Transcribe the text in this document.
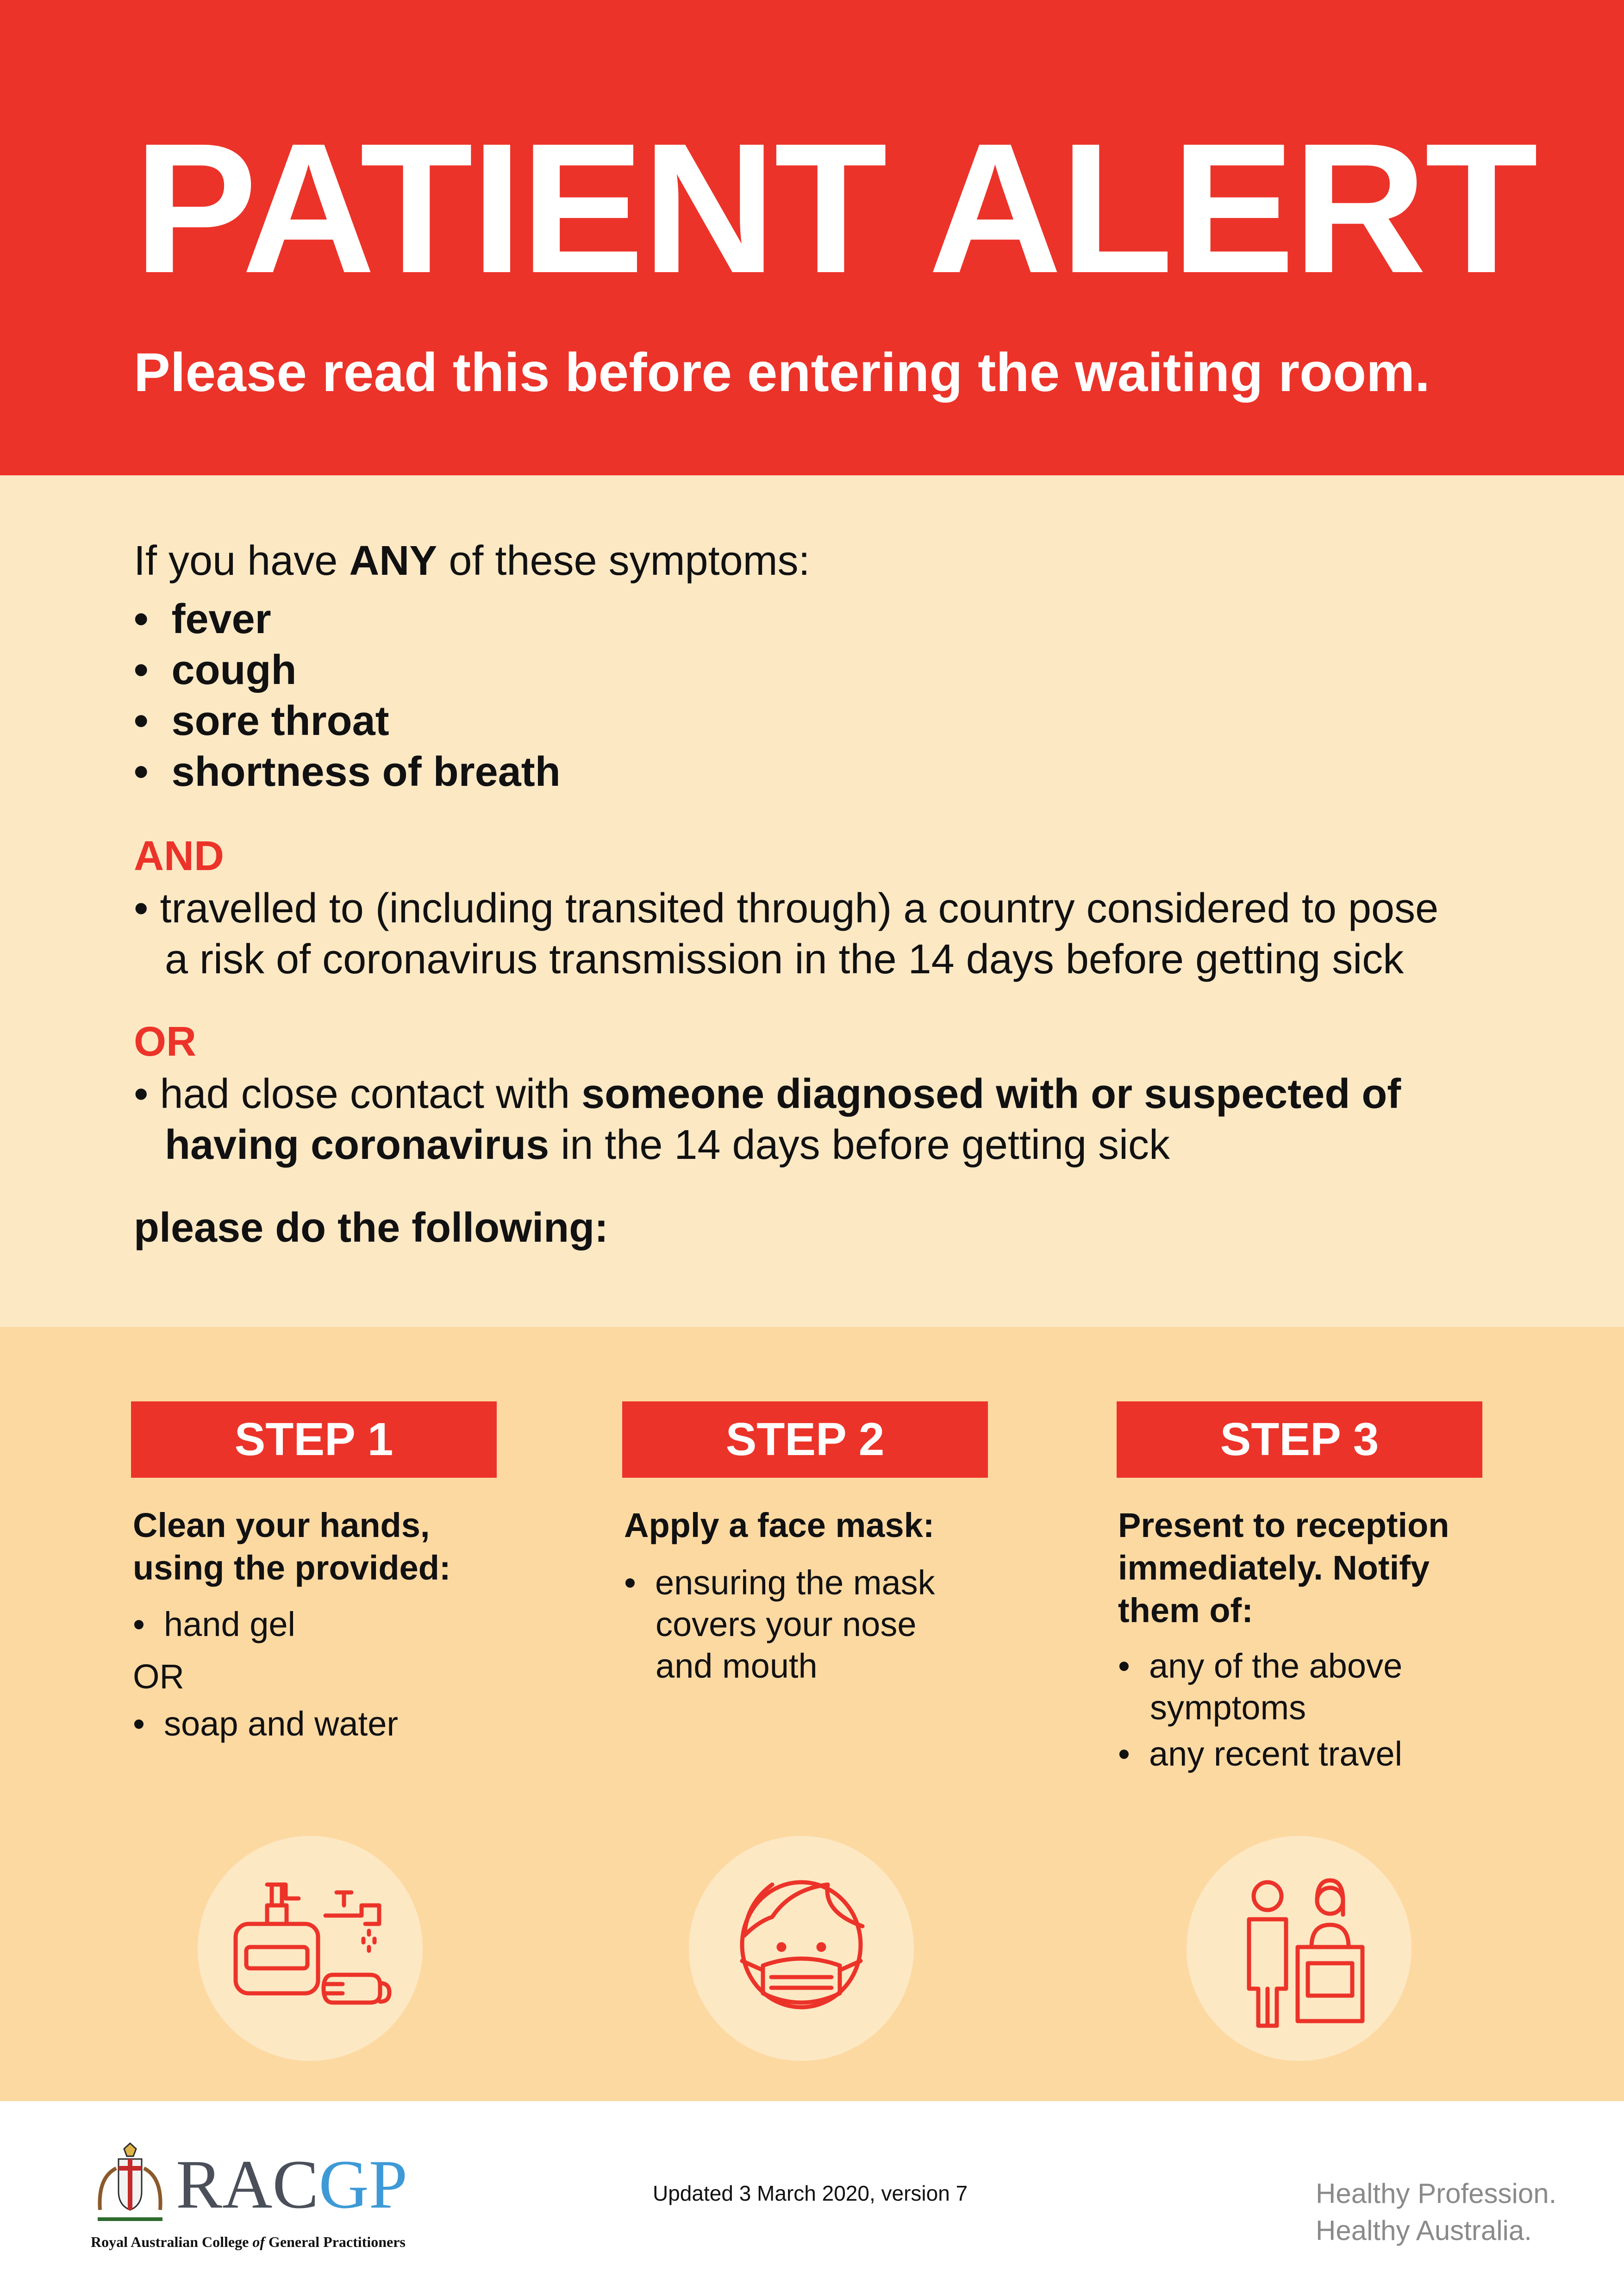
PATIENT ALERT

Please read this before entering the waiting room.

If you have ANY of these symptoms:
•  fever
•  cough
•  sore throat
•  shortness of breath
AND
• travelled to (including transited through) a country considered to pose
a risk of coronavirus transmission in the 14 days before getting sick
OR
• had close contact with someone diagnosed with or suspected of
having coronavirus in the 14 days before getting sick
please do the following:
STEP 1
Clean your hands,
using the provided:
•  hand gel
OR
•  soap and water
STEP 2
Apply a face mask:
•  ensuring the mask
covers your nose
and mouth
STEP 3
Present to reception
immediately. Notify
them of:
•  any of the above
symptoms
•  any recent travel
RACGP
Royal Australian College of General Practitioners
Updated 3 March 2020, version 7	Healthy Profession.
Healthy Australia.
